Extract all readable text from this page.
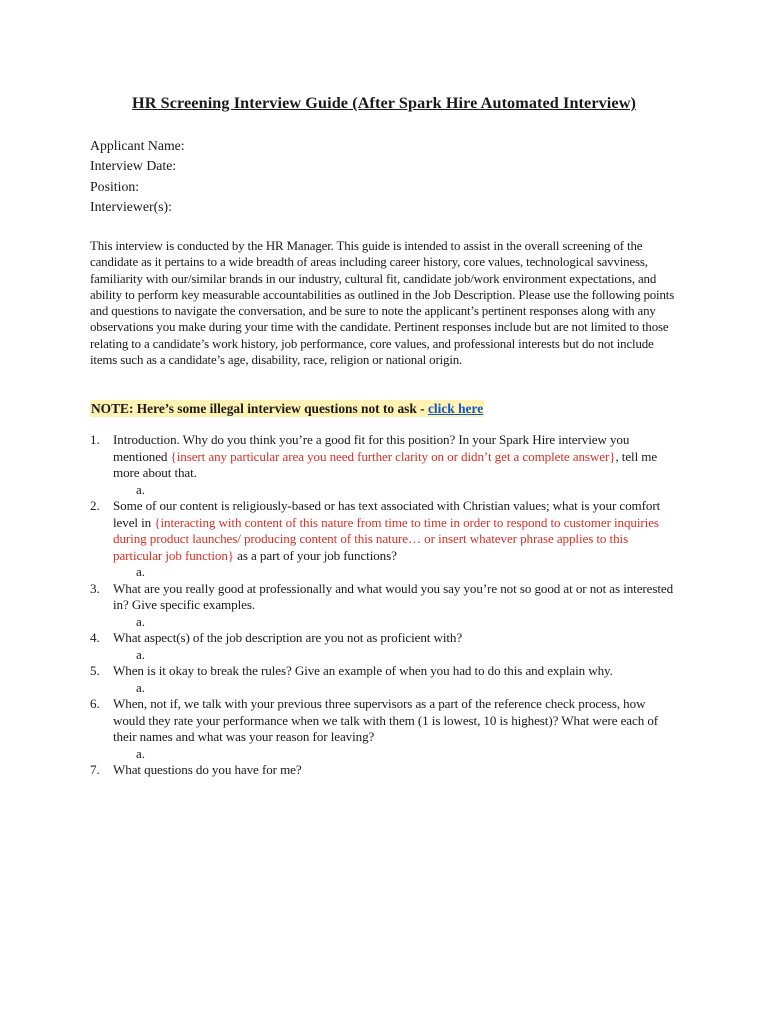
HR Screening Interview Guide (After Spark Hire Automated Interview)
Applicant Name:
Interview Date:
Position:
Interviewer(s):
This interview is conducted by the HR Manager. This guide is intended to assist in the overall screening of the candidate as it pertains to a wide breadth of areas including career history, core values, technological savviness, familiarity with our/similar brands in our industry, cultural fit, candidate job/work environment expectations, and ability to perform key measurable accountabilities as outlined in the Job Description. Please use the following points and questions to navigate the conversation, and be sure to note the applicant’s pertinent responses along with any observations you make during your time with the candidate. Pertinent responses include but are not limited to those relating to a candidate’s work history, job performance, core values, and professional interests but do not include items such as a candidate’s age, disability, race, religion or national origin.
NOTE: Here’s some illegal interview questions not to ask - click here
1. Introduction. Why do you think you’re a good fit for this position? In your Spark Hire interview you mentioned {insert any particular area you need further clarity on or didn’t get a complete answer}, tell me more about that.
a.
2. Some of our content is religiously-based or has text associated with Christian values; what is your comfort level in {interacting with content of this nature from time to time in order to respond to customer inquiries during product launches/ producing content of this nature… or insert whatever phrase applies to this particular job function} as a part of your job functions?
a.
3. What are you really good at professionally and what would you say you’re not so good at or not as interested in? Give specific examples.
a.
4. What aspect(s) of the job description are you not as proficient with?
a.
5. When is it okay to break the rules? Give an example of when you had to do this and explain why.
a.
6. When, not if, we talk with your previous three supervisors as a part of the reference check process, how would they rate your performance when we talk with them (1 is lowest, 10 is highest)? What were each of their names and what was your reason for leaving?
a.
7. What questions do you have for me?
